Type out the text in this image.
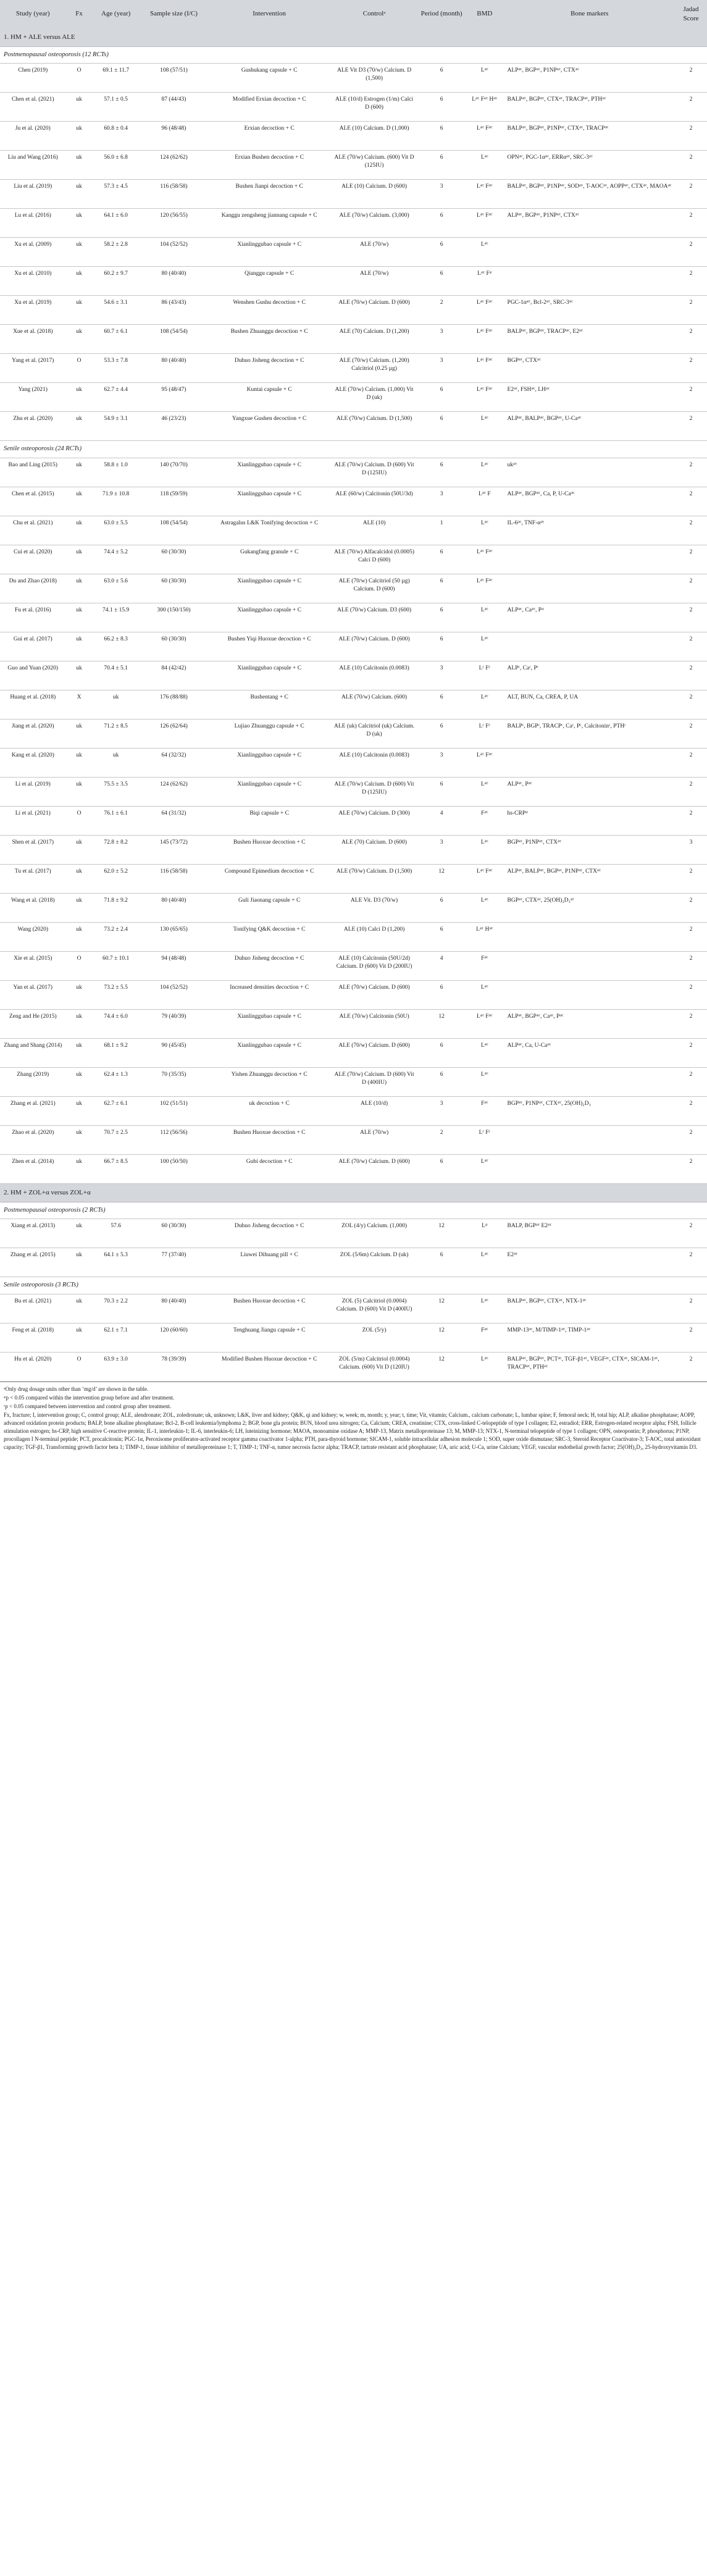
Study (year)	Fx	Age (year)	Sample size (I/C)	Intervention	Controlᵃ	Period (month)	BMD	Bone markers	Jadad Score
1. HM + ALE versus ALE									
Postmenopausal osteoporosis (12 RCTs)									
Chen (2019)	O	69.1 ± 11.7	108 (57/51)	Gushukang capsule + C	ALE Vit D3 (70/w) Calcium. D (1,500)	6	Lᵆᶜ	ALPᵆᶜ, BGPᵆᶜ, P1NPᵆᶜ, CTXᵆᶜ	2
Chen et al. (2021)	uk	57.1 ± 0.5	87 (44/43)	Modified Erxian decoction + C	ALE (10/d) Estrogen (1/m) Calci D (600)	6	Lᵆᶜ Fᵆᶜ Hᵆᶜ	BALPᵆᶜ, BGPᵆᶜ, CTXᵆᶜ, TRACPᵆᶜ, PTHᵆᶜ	2
Ju et al. (2020)	uk	60.8 ± 0.4	96 (48/48)	Erxian decoction + C	ALE (10) Calcium. D (1,000)	6	Lᵆᶜ Fᵆᶜ	BALPᵆᶜ, BGPᵆᶜ, P1NPᵆᶜ, CTXᵆᶜ, TRACPᵆᶜ	2
Liu and Wang (2016)	uk	56.0 ± 6.8	124 (62/62)	Erxian Bushen decoction + C	ALE (70/w) Calcium. (600) Vit D (125IU)	6	Lᵆᶜ	OPNᵆᶜ, PGC-1αᵆᶜ, ERRαᵆᶜ, SRC-3ᵆᶜ	2
Liu et al. (2019)	uk	57.3 ± 4.5	116 (58/58)	Bushen Jianpi decoction + C	ALE (10) Calcium. D (600)	3	Lᵆᶜ Fᵆᶜ	BALPᵆᶜ, BGPᵆᶜ, P1NPᵆᶜ, SODᵆᶜ, T-AOCᵆᶜ, AOPPᵆᶜ, CTXᵆᶜ, MAOAᵆᶜ	2
Lu et al. (2016)	uk	64.1 ± 6.0	120 (56/55)	Kanggu zengsheng jiannang capsule + C	ALE (70/w) Calcium. (3,000)	6	Lᵆᶜ Fᵆᶜ	ALPᵆᶜ, BGPᵆᶜ, P1NPᵆᶜ, CTXᵆᶜ	2
Xu et al. (2009)	uk	58.2 ± 2.8	104 (52/52)	Xianlinggubao capsule + C	ALE (70/w)	6	Lᵆᶜ		2
Xu et al. (2010)	uk	60.2 ± 9.7	80 (40/40)	Qianggu capsule + C	ALE (70/w)	6	Lᵆᶜ Fᵆ		2
Xu et al. (2019)	uk	54.6 ± 3.1	86 (43/43)	Wenshen Gushu decoction + C	ALE (70/w) Calcium. D (600)	2	Lᵆᶜ Fᵆᶜ	PGC-1αᵆᶜ, Bcl-2ᵆᶜ, SRC-3ᵆᶜ	2
Xue et al. (2018)	uk	60.7 ± 6.1	108 (54/54)	Bushen Zhuanggu decoction + C	ALE (70) Calcium. D (1,200)	3	Lᵆᶜ Fᵆᶜ	BALPᵆᶜ, BGPᵆᶜ, TRACPᵆᶜ, E2ᵆᶜ	2
Yang et al. (2017)	O	53.3 ± 7.8	80 (40/40)	Duhuo Jisheng decoction + C	ALE (70/w) Calcium. (1,200) Calcitriol (0.25 µg)	3	Lᵆᶜ Fᵆᶜ	BGPᵆᶜ, CTXᵆᶜ	2
Yang (2021)	uk	62.7 ± 4.4	95 (48/47)	Kuntai capsule + C	ALE (70/w) Calcium. (1,000) Vit D (uk)	6	Lᵆᶜ Fᵆᶜ	E2ᵆᶜ, FSHᵆᶜ, LHᵆᶜ	2
Zhu et al. (2020)	uk	54.9 ± 3.1	46 (23/23)	Yangxue Gushen decoction + C	ALE (70/w) Calcium. D (1,500)	6	Lᵆᶜ	ALPᵆᶜ, BALPᵆᶜ, BGPᵆᶜ, U-Caᵆᶜ	2
Senile osteoporosis (24 RCTs)									
Bao and Ling (2015)	uk	58.8 ± 1.0	140 (70/70)	Xianlinggubao capsule + C	ALE (70/w) Calcium. D (600) Vit D (125IU)	6	Lᵆᶜ	ukᵆᶜ	2
Chen et al. (2015)	uk	71.9 ± 10.8	118 (59/59)	Xianlinggubao capsule + C	ALE (60/w) Calcitonin (50U/3d)	3	Lᵆᶜ F	ALPᵆᶜ, BGPᵆᶜ, Ca, P, U-Caᵆᶜ	2
Chu et al. (2021)	uk	63.0 ± 5.5	108 (54/54)	Astragalus L&K Tonifying decoction + C	ALE (10)	1	Lᵆᶜ	IL-6ᵆᶜ, TNF-αᵆᶜ	2
Cui et al. (2020)	uk	74.4 ± 5.2	60 (30/30)	Gukangfang granule + C	ALE (70/w) Alfacalcidol (0.0005) Calci D (600)	6	Lᵆᶜ Fᵆᶜ		2
Du and Zhao (2018)	uk	63.0 ± 5.6	60 (30/30)	Xianlinggubao capsule + C	ALE (70/w) Calcitriol (50 µg) Calcium. D (600)	6	Lᵆᶜ Fᵆᶜ		2
Fu et al. (2016)	uk	74.1 ± 15.9	300 (150/150)	Xianlinggubao capsule + C	ALE (70/w) Calcium. D3 (600)	6	Lᵆᶜ	ALPᵆᶜ, Caᵆᶜ, Pᵆ	2
Gui et al. (2017)	uk	66.2 ± 8.3	60 (30/30)	Bushen Yiqi Huoxue decoction + C	ALE (70/w) Calcium. D (600)	6	Lᵆᶜ		2
Guo and Yuan (2020)	uk	70.4 ± 5.1	84 (42/42)	Xianlinggubao capsule + C	ALE (10) Calcitonin (0.0083)	3	Lᶜ Fᶜ	ALPᶜ, Caᶜ, Pᶜ	2
Huang et al. (2018)	X	uk	176 (88/88)	Bushentang + C	ALE (70/w) Calcium. (600)	6	Lᵆᶜ	ALT, BUN, Ca, CREA, P, UA	2
Jiang et al. (2020)	uk	71.2 ± 8.5	126 (62/64)	Lujiao Zhuanggu capsule + C	ALE (uk) Calcitriol (uk) Calcium. D (uk)	6	Lᶜ Fᶜ	BALPᶜ, BGPᶜ, TRACPᶜ, Caᶜ, Pᶜ, Calcitoninᶜ, PTHᶜ	2
Kang et al. (2020)	uk	uk	64 (32/32)	Xianlinggubao capsule + C	ALE (10) Calcitonin (0.0083)	3	Lᵆᶜ Fᵆᶜ		2
Li et al. (2019)	uk	75.5 ± 3.5	124 (62/62)	Xianlinggubao capsule + C	ALE (70/w) Calcium. D (600) Vit D (125IU)	6	Lᵆᶜ	ALPᵆᶜ, Pᵆᶜ	2
Li et al. (2021)	O	76.1 ± 6.1	64 (31/32)	Biqi capsule + C	ALE (70/w) Calcium. D (300)	4	Fᵆᶜ	hs-CRPᵆ	2
Shen et al. (2017)	uk	72.8 ± 8.2	145 (73/72)	Bushen Huoxue decoction + C	ALE (70) Calcium. D (600)	3	Lᵆᶜ	BGPᵆᶜ, P1NPᵆᶜ, CTXᵆᶜ	3
Tu et al. (2017)	uk	62.0 ± 5.2	116 (58/58)	Compound Epimedium decoction + C	ALE (70/w) Calcium. D (1,500)	12	Lᵆᶜ Fᵆᶜ	ALPᵆᶜ, BALPᵆᶜ, BGPᵆᶜ, P1NPᵆᶜ, CTXᵆᶜ	2
Wang et al. (2018)	uk	71.8 ± 9.2	80 (40/40)	Guli Jiaonang capsule + C	ALE Vit. D3 (70/w)	6	Lᵆᶜ	BGPᵆᶜ, CTXᵆᶜ, 25(OH)₂D₃ᵆᶜ	2
Wang (2020)	uk	73.2 ± 2.4	130 (65/65)	Tonifying Q&K decoction + C	ALE (10) Calci D (1,200)	6	Lᵆᶜ Hᵆᶜ		2
Xie et al. (2015)	O	60.7 ± 10.1	94 (48/48)	Duhuo Jisheng decoction + C	ALE (10) Calcitonin (50U/2d) Calcium. D (600) Vit D (200IU)	4	Fᵆᶜ		2
Yan et al. (2017)	uk	73.2 ± 5.5	104 (52/52)	Increased densities decoction + C	ALE (70/w) Calcium. D (600)	6	Lᵆᶜ		2
Zeng and He (2015)	uk	74.4 ± 6.0	79 (40/39)	Xianlinggubao capsule + C	ALE (70/w) Calcitonin (50U)	12	Lᵆᶜ Fᵆᶜ	ALPᵆᶜ, BGPᵆᶜ, Caᵆᶜ, Pᵆᶜ	2
Zhang and Shang (2014)	uk	68.1 ± 9.2	90 (45/45)	Xianlinggubao capsule + C	ALE (70/w) Calcium. D (600)	6	Lᵆᶜ	ALPᵆᶜ, Ca, U-Caᵆᶜ	2
Zhang (2019)	uk	62.4 ± 1.3	70 (35/35)	Yishen Zhuanggu decoction + C	ALE (70/w) Calcium. D (600) Vit D (400IU)	6	Lᵆᶜ		2
Zhang et al. (2021)	uk	62.7 ± 6.1	102 (51/51)	uk decoction + C	ALE (10/d)	3	Fᵆᶜ	BGPᵆᶜ, P1NPᵆᶜ, CTXᵆᶜ, 25(OH)₂D₃	2
Zhao et al. (2020)	uk	70.7 ± 2.5	112 (56/56)	Bushen Huoxue decoction + C	ALE (70/w)	2	Lᶜ Fᶜ		2
Zhen et al. (2014)	uk	66.7 ± 8.5	100 (50/50)	Gubi decoction + C	ALE (70/w) Calcium. D (600)	6	Lᵆᶜ		2
2. HM + ZOL+α versus ZOL+α									
Postmenopausal osteoporosis (2 RCTs)									
Xiang et al. (2013)	uk	57.6	60 (30/30)	Duhuo Jisheng decoction + C	ZOL (4/y) Calcium. (1,000)	12	Lᵆ	BALP, BGPᵆᶜ E2ᵆᶜ	2
Zhang et al. (2015)	uk	64.1 ± 5.3	77 (37/40)	Liuwei Dihuang pill + C	ZOL (5/6m) Calcium. D (uk)	6	Lᵆᶜ	E2ᵆᶜ	2
Senile osteoporosis (3 RCTs)									
Bu et al. (2021)	uk	70.3 ± 2.2	80 (40/40)	Bushen Huoxue decoction + C	ZOL (5) Calcitriol (0.0004) Calcium. D (600) Vit D (400IU)	12	Lᵆᶜ	BALPᵆᶜ, BGPᵆᶜ, CTXᵆᶜ, NTX-1ᵆᶜ	2
Feng et al. (2018)	uk	62.1 ± 7.1	120 (60/60)	Tenghuang Jiangu capsule + C	ZOL (5/y)	12	Fᵆᶜ	MMP-13ᵆᶜ, M/TIMP-1ᵆᶜ, TIMP-1ᵆᶜ	2
Hu et al. (2020)	O	63.9 ± 3.0	78 (39/39)	Modified Bushen Huoxue decoction + C	ZOL (5/m) Calcitriol (0.0004) Calcium. (600) Vit D (120IU)	12	Lᵆᶜ	BALPᵆᶜ, BGPᵆᶜ, PCTᵆᶜ, TGF-β1ᵆᶜ, VEGFᵆᶜ, CTXᵆᶜ, SICAM-1ᵆᶜ, TRACPᵆᶜ, PTHᵆᶜ	2

ᵃOnly drug dosage units other than ’mg/d’ are shown in the table.

ᵆp < 0.05 compared within the intervention group before and after treatment.

ᶜp < 0.05 compared between intervention and control group after treatment.

Fx, fracture; I, intervention group; C, control group; ALE, alendronate; ZOL, zoledronate; uk, unknown; L&K, liver and kidney; Q&K, qi and kidney; w, week; m, month; y, year; t, time; Vit, vitamin; Calcium., calcium carbonate; L, lumbar spine; F, femoral neck; H, total hip; ALP, alkaline phosphatase; AOPP, advanced oxidation protein products; BALP, bone alkaline phosphatase; Bcl-2, B-cell leukemia/lymphoma 2; BGP, bone gla protein; BUN, blood urea nitrogen; Ca, Calcium; CREA, creatinine; CTX, cross-linked C-telopeptide of type I collagen; E2, estradiol; ERR, Estrogen-related receptor alpha; FSH, follicle stimulation estrogen; hs-CRP, high sensitive C-reactive protein; IL-1, interleukin-1; IL-6, interleukin-6; LH, luteinizing hormone; MAOA, monoamine oxidase A; MMP-13, Matrix metalloproteinase 13; M, MMP-13; NTX-1, N-terminal telopeptide of type 1 collagen; OPN, osteopontin; P, phosphorus; P1NP, procollagen I N-terminal peptide; PCT, procalcitonin; PGC-1α, Peroxisome proliferator-activated receptor gamma coactivator 1-alpha; PTH, para-thyroid hormone; SICAM-1, soluble intracellular adhesion molecule 1; SOD, super oxide dismutase; SRC-3, Steroid Receptor Coactivator-3; T-AOC, total antioxidant capacity; TGF-β1, Transforming growth factor beta 1; TIMP-1, tissue inhibitor of metalloproteinase 1; T, TIMP-1; TNF-α, tumor necrosis factor alpha; TRACP, tartrate resistant acid phosphatase; UA, uric acid; U-Ca, urine Calcium; VEGF, vascular endothelial growth factor; 25(OH)₂D₃, 25-hydroxyvitamin D3.
